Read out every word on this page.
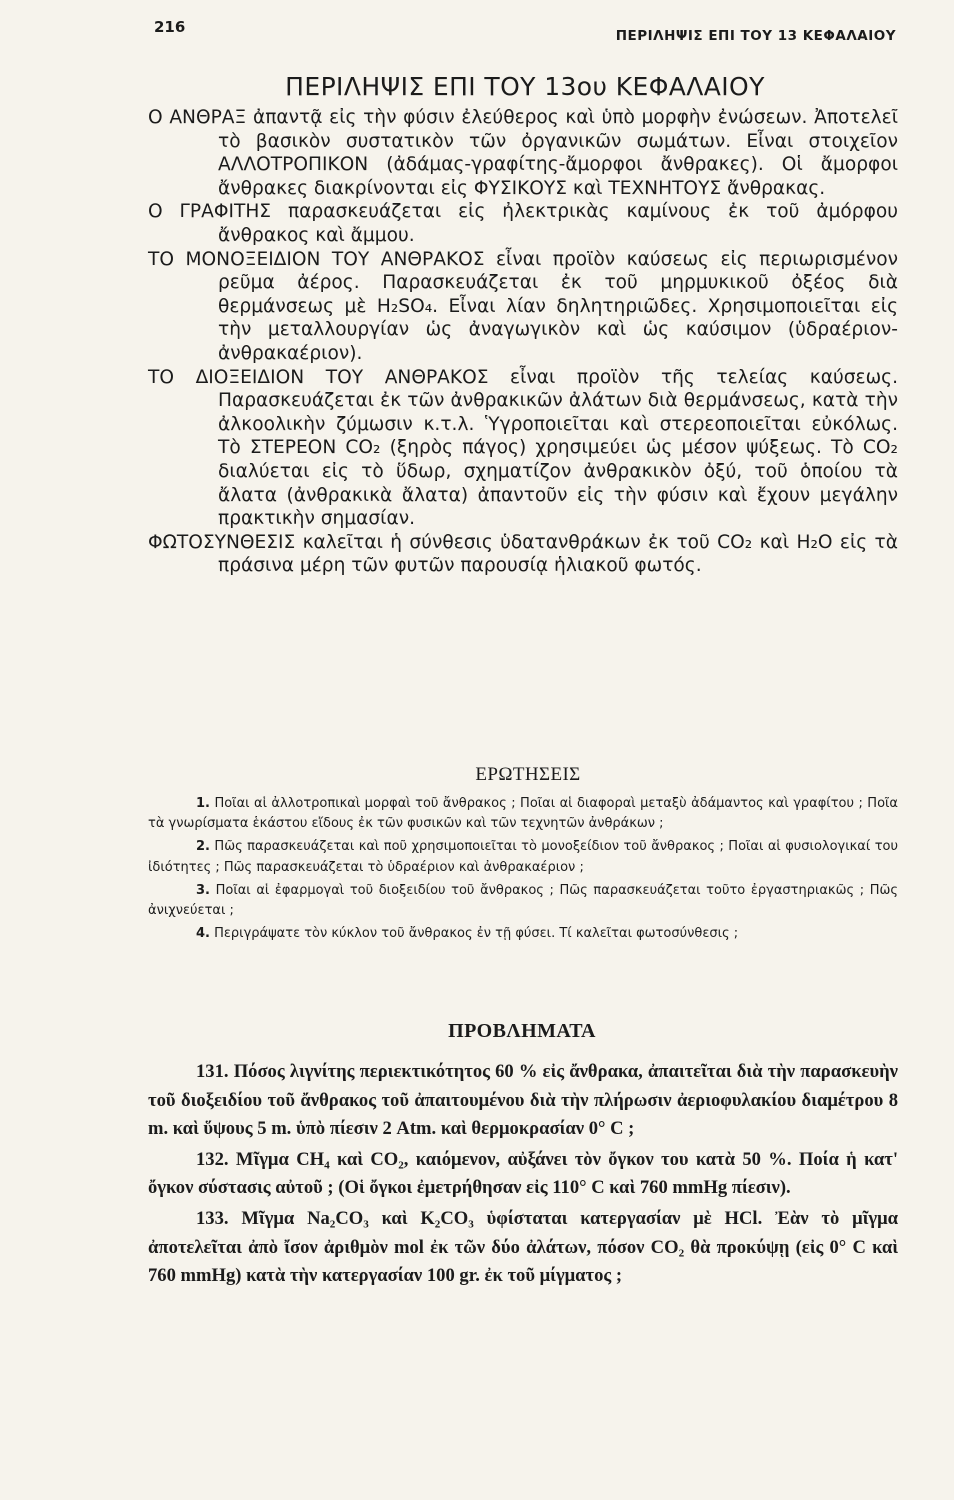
216	ΠΕΡΙΛΗΨΙΣ ΕΠΙ ΤΟΥ 13 ΚΕΦΑΛΑΙΟΥ
ΠΕΡΙΛΗΨΙΣ ΕΠΙ ΤΟΥ 13ου ΚΕΦΑΛΑΙΟΥ

Ο ΑΝΘΡΑΞ ἀπαντᾷ εἰς τὴν φύσιν ἐλεύθερος καὶ ὑπὸ μορφὴν ἐνώσεων. Ἀποτελεῖ τὸ βασικὸν συστατικὸν τῶν ὀργανικῶν σωμάτων. Εἶναι στοιχεῖον ΑΛΛΟΤΡΟΠΙΚΟΝ (ἀδάμας-γραφίτης-ἄμορφοι ἄνθρακες). Οἱ ἄμορφοι ἄνθρακες διακρίνονται εἰς ΦΥΣΙΚΟΥΣ καὶ ΤΕΧΝΗΤΟΥΣ ἄνθρακας.

Ο ΓΡΑΦΙΤΗΣ παρασκευάζεται εἰς ἠλεκτρικὰς καμίνους ἐκ τοῦ ἀμόρφου ἄνθρακος καὶ ἄμμου.

ΤΟ ΜΟΝΟΞΕΙΔΙΟΝ ΤΟΥ ΑΝΘΡΑΚΟΣ εἶναι προϊὸν καύσεως εἰς περιωρισμένον ρεῦμα ἀέρος. Παρασκευάζεται ἐκ τοῦ μηρμυκικοῦ ὀξέος διὰ θερμάνσεως μὲ H₂SO₄. Εἶναι λίαν δηλητηριῶδες. Χρησιμοποιεῖται εἰς τὴν μεταλλουργίαν ὡς ἀναγωγικὸν καὶ ὡς καύσιμον (ὑδραέριον-ἀνθρακαέριον).

ΤΟ ΔΙΟΞΕΙΔΙΟΝ ΤΟΥ ΑΝΘΡΑΚΟΣ εἶναι προϊὸν τῆς τελείας καύσεως. Παρασκευάζεται ἐκ τῶν ἀνθρακικῶν ἀλάτων διὰ θερμάνσεως, κατὰ τὴν ἀλκοολικὴν ζύμωσιν κ.τ.λ. Ὑγροποιεῖται καὶ στερεοποιεῖται εὐκόλως. Τὸ ΣΤΕΡΕΟΝ CO₂ (ξηρὸς πάγος) χρησιμεύει ὡς μέσον ψύξεως. Τὸ CO₂ διαλύεται εἰς τὸ ὕδωρ, σχηματίζον ἀνθρακικὸν ὀξύ, τοῦ ὁποίου τὰ ἄλατα (ἀνθρακικὰ ἄλατα) ἀπαντοῦν εἰς τὴν φύσιν καὶ ἔχουν μεγάλην πρακτικὴν σημασίαν.

ΦΩΤΟΣΥΝΘΕΣΙΣ καλεῖται ἡ σύνθεσις ὑδατανθράκων ἐκ τοῦ CO₂ καὶ H₂O εἰς τὰ πράσινα μέρη τῶν φυτῶν παρουσίᾳ ἡλιακοῦ φωτός.

ΕΡΩΤΗΣΕΙΣ

1. Ποῖαι αἱ ἀλλοτροπικαὶ μορφαὶ τοῦ ἄνθρακος ; Ποῖαι αἱ διαφοραὶ μεταξὺ ἀδάμαντος καὶ γραφίτου ; Ποῖα τὰ γνωρίσματα ἑκάστου εἴδους ἐκ τῶν φυσικῶν καὶ τῶν τεχνητῶν ἀνθράκων ;

2. Πῶς παρασκευάζεται καὶ ποῦ χρησιμοποιεῖται τὸ μονοξείδιον τοῦ ἄνθρακος ; Ποῖαι αἱ φυσιολογικαί του ἰδιότητες ; Πῶς παρασκευάζεται τὸ ὑδραέριον καὶ ἀνθρακαέριον ;

3. Ποῖαι αἱ ἐφαρμογαὶ τοῦ διοξειδίου τοῦ ἄνθρακος ; Πῶς παρασκευάζεται τοῦτο ἐργαστηριακῶς ; Πῶς ἀνιχνεύεται ;

4. Περιγράψατε τὸν κύκλον τοῦ ἄνθρακος ἐν τῇ φύσει. Τί καλεῖται φωτοσύνθεσις ;

ΠΡΟΒΛΗΜΑΤΑ

131. Πόσος λιγνίτης περιεκτικότητος 60 % εἰς ἄνθρακα, ἀπαιτεῖται διὰ τὴν παρασκευὴν τοῦ διοξειδίου τοῦ ἄνθρακος τοῦ ἀπαιτουμένου διὰ τὴν πλήρωσιν ἀεριοφυλακίου διαμέτρου 8 m. καὶ ὕψους 5 m. ὑπὸ πίεσιν 2 Atm. καὶ θερμοκρασίαν 0° C ;

132. Μῖγμα CH₄ καὶ CO₂, καιόμενον, αὐξάνει τὸν ὄγκον του κατὰ 50 %. Ποία ἡ κατ' ὄγκον σύστασις αὐτοῦ ; (Οἱ ὄγκοι ἐμετρήθησαν εἰς 110° C καὶ 760 mmHg πίεσιν).

133. Μῖγμα Na₂CO₃ καὶ K₂CO₃ ὑφίσταται κατεργασίαν μὲ HCl. Ἐὰν τὸ μῖγμα ἀποτελεῖται ἀπὸ ἴσον ἀριθμὸν mol ἐκ τῶν δύο ἀλάτων, πόσον CO₂ θὰ προκύψῃ (εἰς 0° C καὶ 760 mmHg) κατὰ τὴν κατεργασίαν 100 gr. ἐκ τοῦ μίγματος ;
